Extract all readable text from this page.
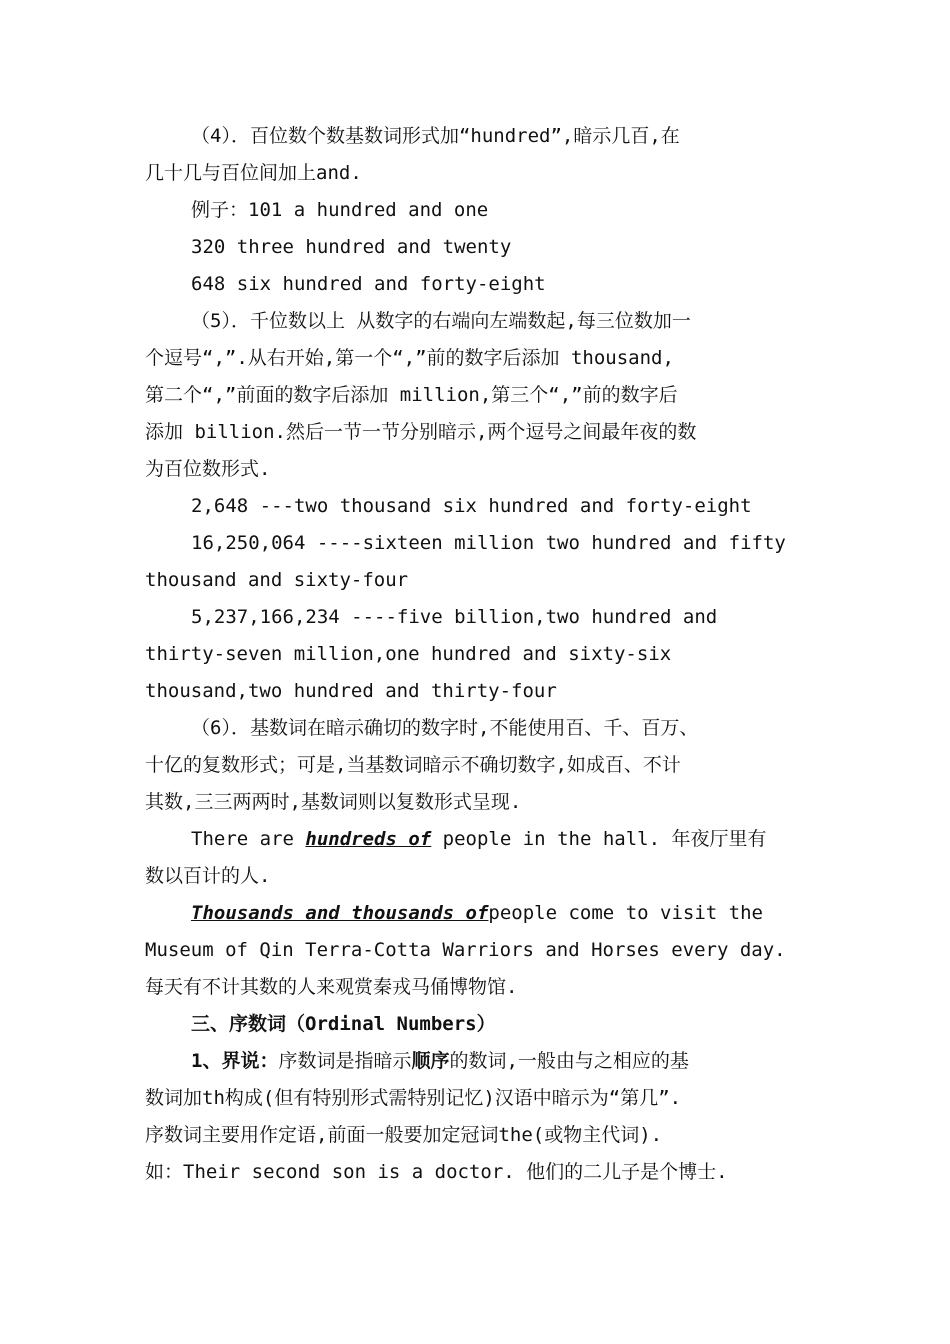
（4）．百位数个数基数词形式加“hundred”,暗示几百,在

几十几与百位间加上and.

例子：101 a hundred and one

320 three hundred and twenty

648 six hundred and forty-eight

（5）．千位数以上 从数字的右端向左端数起,每三位数加一

个逗号“,”.从右开始,第一个“,”前的数字后添加 thousand,

第二个“,”前面的数字后添加 million,第三个“,”前的数字后

添加 billion.然后一节一节分别暗示,两个逗号之间最年夜的数

为百位数形式.

2,648 ---two thousand six hundred and forty-eight

16,250,064 ----sixteen million two hundred and fifty

thousand and sixty-four

5,237,166,234 ----five billion,two hundred and

thirty-seven million,one hundred and sixty-six

thousand,two hundred and thirty-four

（6）．基数词在暗示确切的数字时,不能使用百、千、百万、

十亿的复数形式；可是,当基数词暗示不确切数字,如成百、不计

其数,三三两两时,基数词则以复数形式呈现.

There are hundreds of people in the hall. 年夜厅里有

数以百计的人.

Thousands and thousands ofpeople come to visit the

Museum of Qin Terra-Cotta Warriors and Horses every day.

每天有不计其数的人来观赏秦戎马俑博物馆.

三、序数词（Ordinal Numbers）

1、界说：序数词是指暗示顺序的数词,一般由与之相应的基

数词加th构成(但有特别形式需特别记忆)汉语中暗示为“第几”.

序数词主要用作定语,前面一般要加定冠词the(或物主代词).

如：Their second son is a doctor. 他们的二儿子是个博士.
